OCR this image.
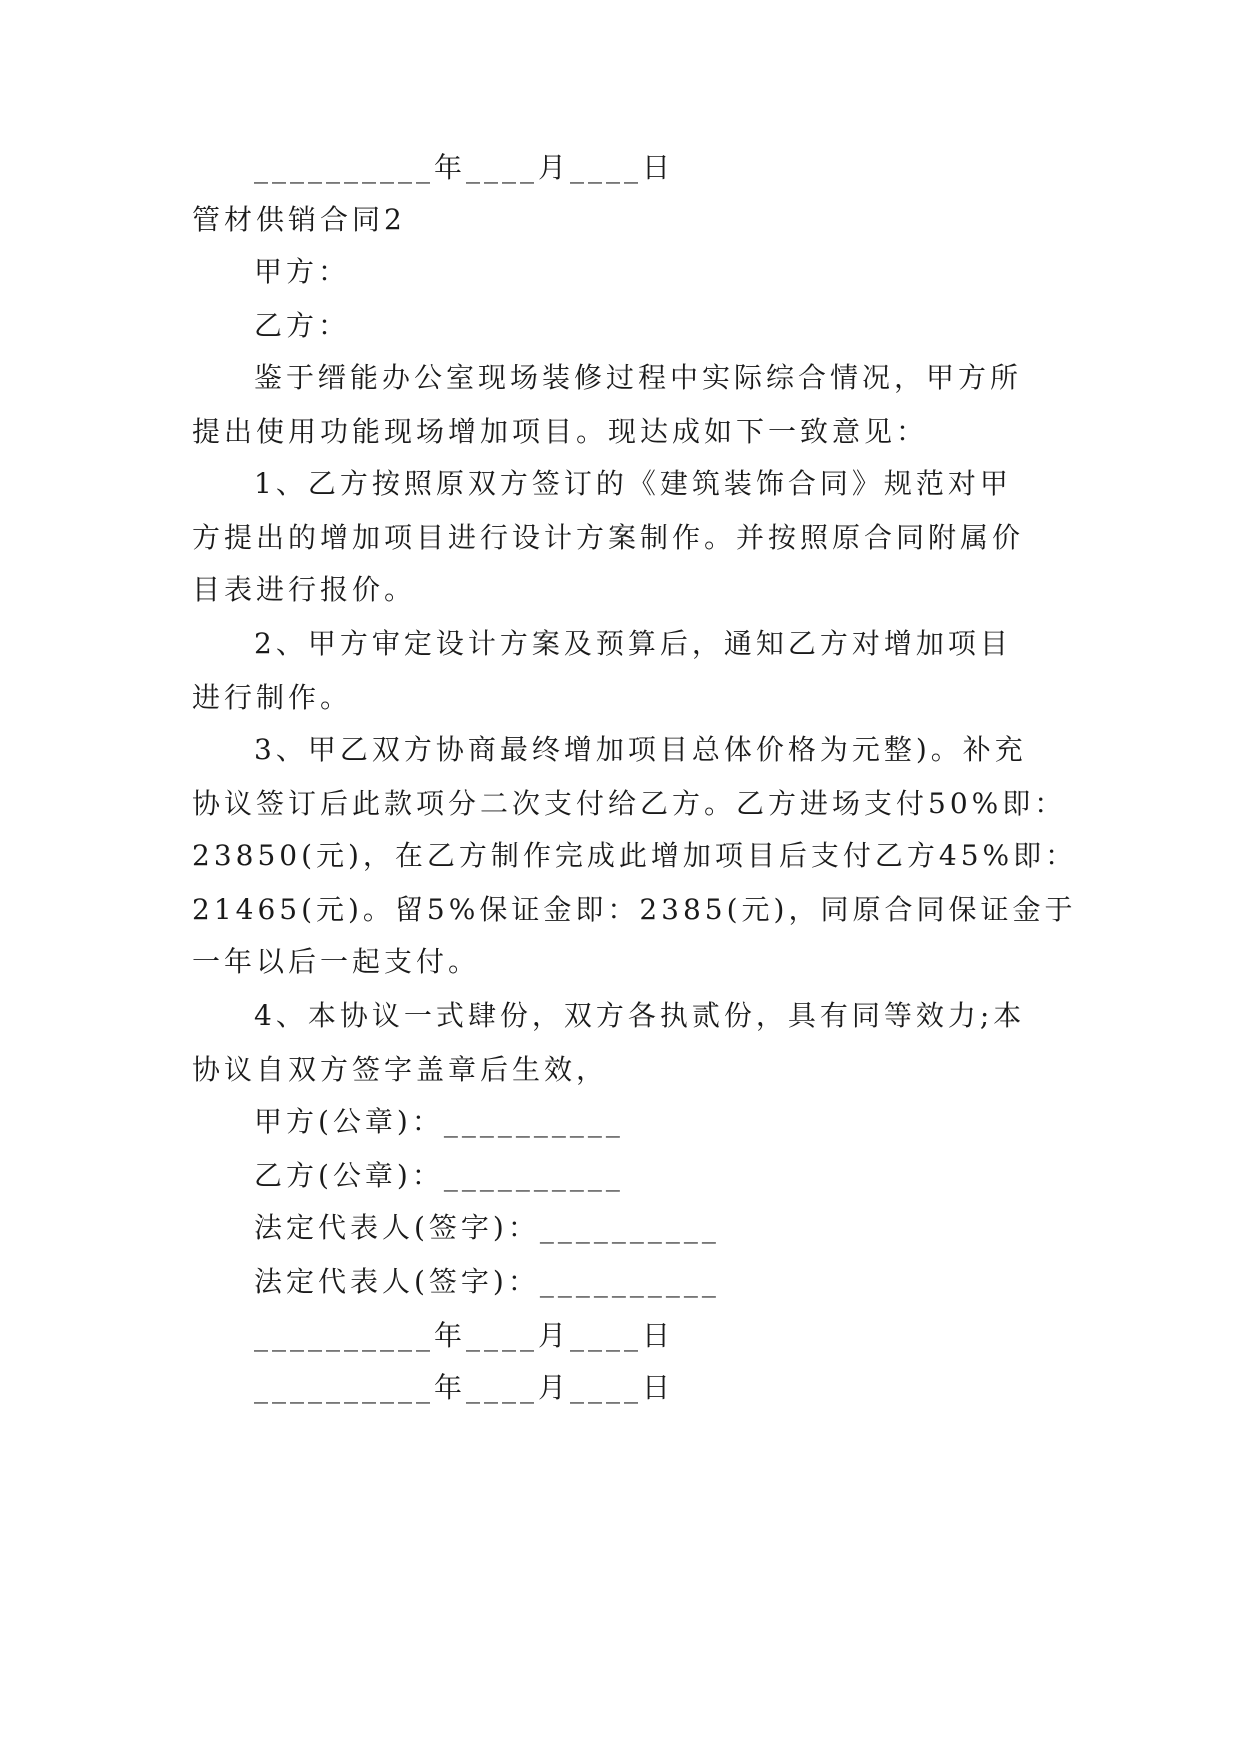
__________年____月____日
管材供销合同2
甲方：
乙方：
鉴于缙能办公室现场装修过程中实际综合情况，甲方所
提出使用功能现场增加项目。现达成如下一致意见：
1、乙方按照原双方签订的《建筑装饰合同》规范对甲
方提出的增加项目进行设计方案制作。并按照原合同附属价
目表进行报价。
2、甲方审定设计方案及预算后，通知乙方对增加项目
进行制作。
3、甲乙双方协商最终增加项目总体价格为元整)。补充
协议签订后此款项分二次支付给乙方。乙方进场支付50%即：
23850(元)，在乙方制作完成此增加项目后支付乙方45%即：
21465(元)。留5%保证金即：2385(元)，同原合同保证金于
一年以后一起支付。
4、本协议一式肆份，双方各执贰份，具有同等效力;本
协议自双方签字盖章后生效，
甲方(公章)：__________
乙方(公章)：__________
法定代表人(签字)：__________
法定代表人(签字)：__________
__________年____月____日
__________年____月____日
